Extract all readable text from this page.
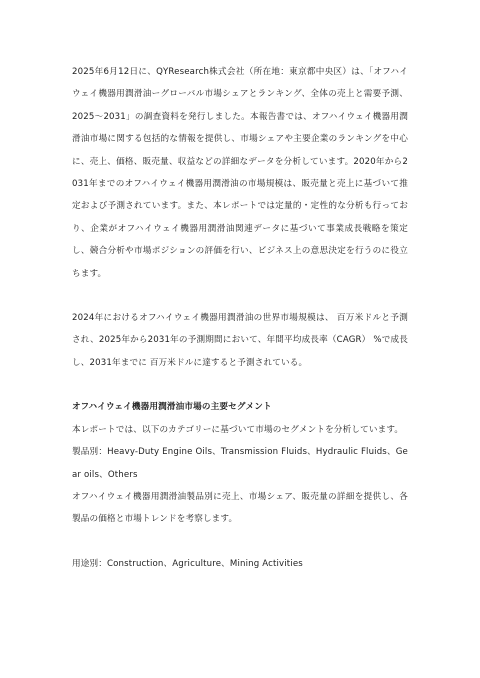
2025年6月12日に、QYResearch株式会社（所在地：東京都中央区）は、「オフハイウェイ機器用潤滑油ーグローバル市場シェアとランキング、全体の売上と需要予測、2025～2031」の調査資料を発行しました。本報告書では、オフハイウェイ機器用潤滑油市場に関する包括的な情報を提供し、市場シェアや主要企業のランキングを中心に、売上、価格、販売量、収益などの詳細なデータを分析しています。2020年から2031年までのオフハイウェイ機器用潤滑油の市場規模は、販売量と売上に基づいて推定および予測されています。また、本レポートでは定量的・定性的な分析も行っており、企業がオフハイウェイ機器用潤滑油関連データに基づいて事業成長戦略を策定し、競合分析や市場ポジションの評価を行い、ビジネス上の意思決定を行うのに役立ちます。

2024年におけるオフハイウェイ機器用潤滑油の世界市場規模は、 百万米ドルと予測され、2025年から2031年の予測期間において、年間平均成長率（CAGR） %で成長し、2031年までに 百万米ドルに達すると予測されている。

オフハイウェイ機器用潤滑油市場の主要セグメント

本レポートでは、以下のカテゴリーに基づいて市場のセグメントを分析しています。

製品別：Heavy-Duty Engine Oils、Transmission Fluids、Hydraulic Fluids、Gear oils、Others

オフハイウェイ機器用潤滑油製品別に売上、市場シェア、販売量の詳細を提供し、各製品の価格と市場トレンドを考察します。

用途別：Construction、Agriculture、Mining Activities
